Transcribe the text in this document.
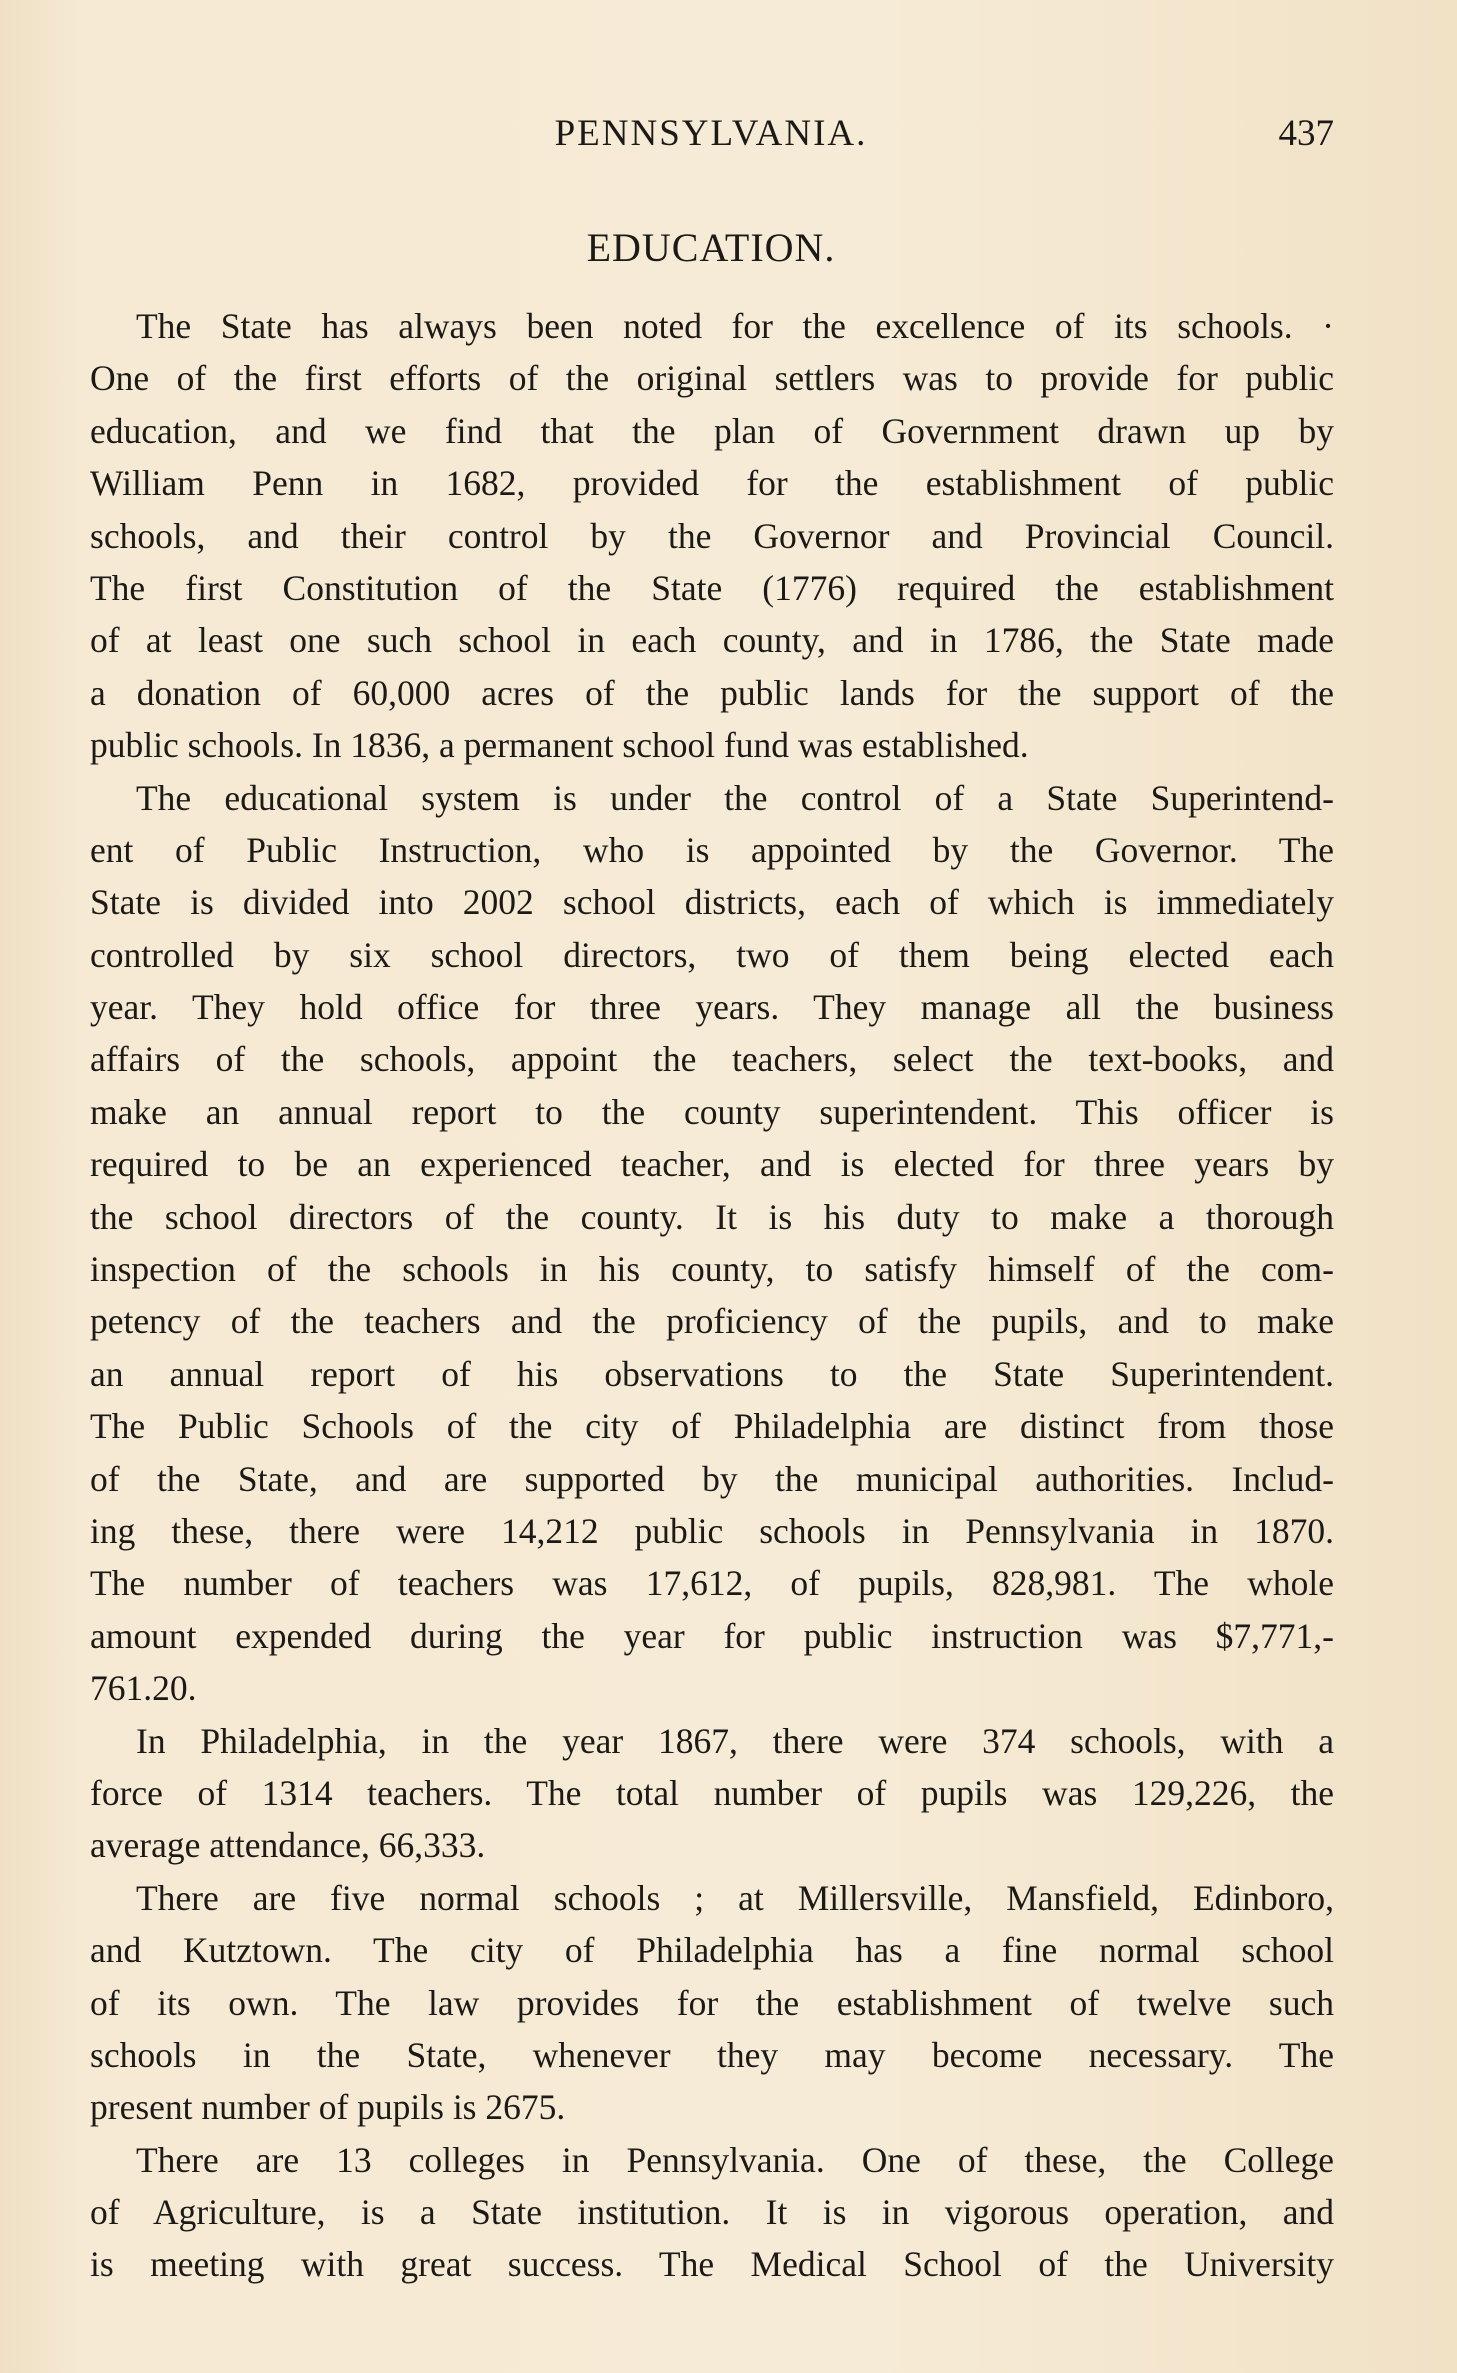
PENNSYLVANIA.	437
EDUCATION.
The State has always been noted for the excellence of its schools. ·
One of the first efforts of the original settlers was to provide for public
education, and we find that the plan of Government drawn up by
William Penn in 1682, provided for the establishment of public
schools, and their control by the Governor and Provincial Council.
The first Constitution of the State (1776) required the establishment
of at least one such school in each county, and in 1786, the State made
a donation of 60,000 acres of the public lands for the support of the
public schools. In 1836, a permanent school fund was established.
The educational system is under the control of a State Superintend-
ent of Public Instruction, who is appointed by the Governor. The
State is divided into 2002 school districts, each of which is immediately
controlled by six school directors, two of them being elected each
year. They hold office for three years. They manage all the business
affairs of the schools, appoint the teachers, select the text-books, and
make an annual report to the county superintendent. This officer is
required to be an experienced teacher, and is elected for three years by
the school directors of the county. It is his duty to make a thorough
inspection of the schools in his county, to satisfy himself of the com-
petency of the teachers and the proficiency of the pupils, and to make
an annual report of his observations to the State Superintendent.
The Public Schools of the city of Philadelphia are distinct from those
of the State, and are supported by the municipal authorities. Includ-
ing these, there were 14,212 public schools in Pennsylvania in 1870.
The number of teachers was 17,612, of pupils, 828,981. The whole
amount expended during the year for public instruction was $7,771,-
761.20.
In Philadelphia, in the year 1867, there were 374 schools, with a
force of 1314 teachers. The total number of pupils was 129,226, the
average attendance, 66,333.
There are five normal schools ; at Millersville, Mansfield, Edinboro,
and Kutztown. The city of Philadelphia has a fine normal school
of its own. The law provides for the establishment of twelve such
schools in the State, whenever they may become necessary. The
present number of pupils is 2675.
There are 13 colleges in Pennsylvania. One of these, the College
of Agriculture, is a State institution. It is in vigorous operation, and
is meeting with great success. The Medical School of the University
